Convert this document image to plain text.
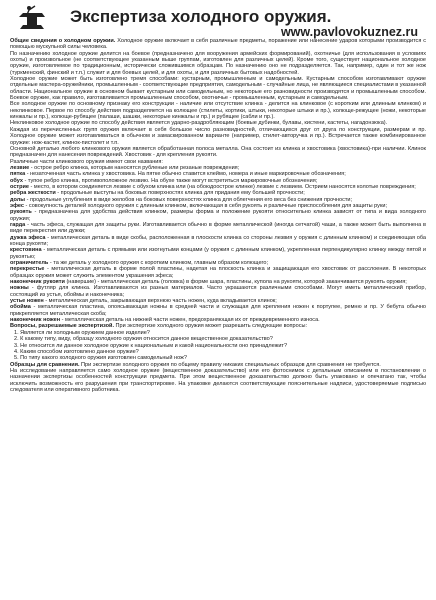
Экспертиза холодного оружия.
www.pavlovokuznez.ru

Общие сведения о холодном оружии. Холодное оружие включает в себя различные предметы, поражение или нанесение ударов которыми производится с помощью мускульной силы человека.

По назначению холодное оружие делится на боевое (предназначено для вооружения армейских формирований), охотничье (для использования в условиях охоты) и произвольное (не соответствующее указанным выше группам, изготовлен для различных целей). Кроме того, существует национальное холодное оружие, изготовляемое по традиционным, исторически сложившимся образцам. По назначению оно не подразделяется. Так, например, один и тот же нож (туркменский, финский и т.п.) служит и для боевых целей, и для охоты, и для различных бытовых надобностей.

Холодное оружие может быть изготовлено тремя способами: кустарным, промышленным и самодельным. Кустарным способом изготавливают оружие отдельные мастера-оружейники, промышленным - соответствующие предприятия, самодельным - случайные лица, не являющиеся специалистами в указанной области. Национальное оружие в основном бывает кустарным или самодельным, но некоторые его разновидности производятся и промышленным способом. Боевое оружие, как правило, изготавливается промышленным способом, охотничье - промышленным, кустарным и самодельным.

Все холодное оружие по основному признаку его конструкции - наличие или отсутствие клинка - делится на клинковое (с коротким или длинным клинком) и неклинковое. Первое по способу действия подразделяется на колющее (стилеты, кортики, штыки, некоторые штыки и пр.), колюще-режущее (ножи, некоторые кинжалы и пр.), колюще-рубящее (палаши, шашки, некоторые кинжалы и пр.) и рубящее (сабли и пр.).

Неклинковое холодное оружие по способу действия является ударно-раздробляющим (боевые дубинки, булавы, кистени, кастеты, нагадонзюка).

Каждая из перечисленных групп оружия включает в себя большое число разновидностей, отличающихся друг от друга по конструкции, размерам и пр. Холодное оружие может изготавливаться в обычном и замаскированном варианте (например, стилет-авторучка и пр.). Встречается также комбинированное оружие: нож-кастет, клинок-пистолет и т.п.

Основной деталью любого клинкового оружия является обработанная полоса металла. Она состоит из клинка и хвостовика (хвостовика)-при наличии. Клинок предназначен для нанесения повреждений. Хвостовик - для крепления рукояти.

Различные части клинкового оружия имеют свои названия:

лезвие - острое ребро клинка, которым наносятся рубленые или резаные повреждения;

пятка - незаточенная часть клинка у хвостовика. На пятке обычно ставится клеймо, номера и иные маркировочные обозначения;

обух - тупое ребро клинка, противоположное лезвию. На обухе также могут встретиться маркировочные обозначения;

острие - место, в котором соединяется лезвие с обухом клинка или (на обоюдоострое клинке) лезвие с лезвием. Острием наносятся колотые повреждения;

ребра жесткости - продольные выступы на боковых поверхностях клинка для придания ему большей прочности;

долы - продольные углубления в виде желобов на боковых поверхностях клинка для облегчения его веса без снижения прочности;

эфес - совокупность деталей холодного оружия с длинным клинком, включающая в себя рукоять и различные приспособления для защиты руки;

рукоять - предназначена для удобства действия клинком, размеры формa и положение рукояти относительно клинка зависят от типа и вида холодного оружия;

гарда - часть эфеса, служащая для защиты руки. Изготавливается обычно в форме металлической (иногда сетчатой) чаши, а также может быть выполнена в виде перекрестия или дужки;

дужка эфеса - металлическая деталь в виде скобы, расположенная в плоскости клинка со стороны лезвия у оружия с длинным клинком) и соединяющая оба конца рукояти;

крестовина - металлическая деталь с прямыми или изогнутыми концами (у оружия с длинным клинком), укрепленная перпендикулярно клинку между пятой и рукоятью;

ограничитель - та же деталь у холодного оружия с коротким клинком, главным образом колющего;

перекрестье - металлическая деталь в форме полой пластины, надетая на плоскость клинка и защищающая его хвостовик от расслоения. В некоторых образцах оружия может служить элементом украшения эфеса;

наконечник рукояти (навершие) - металлическая деталь (головка) в форме шара, пластины, купола на рукояти, которой заканчивается рукоять оружия;

ножны - футляр для клинка. Изготавливаются из разных материалов. Часто украшаются различными способами. Могут иметь металлический прибор, состоящий из устья, обоймы и наконечника;

устье ножен - металлическая деталь, закрывающая верхнюю часть ножен, куда вкладывается клинок;

обоймa - металлическая пластина, опоясывающая ножны в средней части и служащая для крепления ножен к портупее, ремню и пр. У бебута обычно прикрепляется металлическая скоба;

наконечник ножен - металлическая деталь на нижней части ножен, предохраняющая их от преждевременного износа.

Вопросы, разрешаемые экспертизой. При экспертизе холодного оружия может разрешить следующие вопросы:

1. Является ли холодным оружием данное изделие?

2. К какому типу, виду, образцу холодного оружия относится данное вещественное доказательство?

3. Не относится ли данное холодное оружие к национальным и какой национальности оно принадлежит?

4. Каким способом изготовлено данное оружие?

5. По типу какого холодного оружия изготовлен самодельный нож?

Образцы для сравнения. При экспертизе холодного оружия по общему правилу никаких специальных образцов для сравнения не требуется.

На исследование направляется само холодное оружие (вещественное доказательство) или его фотоснимок с детальным описанием в постановлении о назначении экспертизы особенностей конструкции предмета. При этом вещественное доказательство должно быть упаковано и опечатано так, чтобы исключить возможность его разрушения при транспортировке. На упаковке делаются соответствующие пояснительные надписи, удостоверяемые подписью следователя или оперативного работника.
